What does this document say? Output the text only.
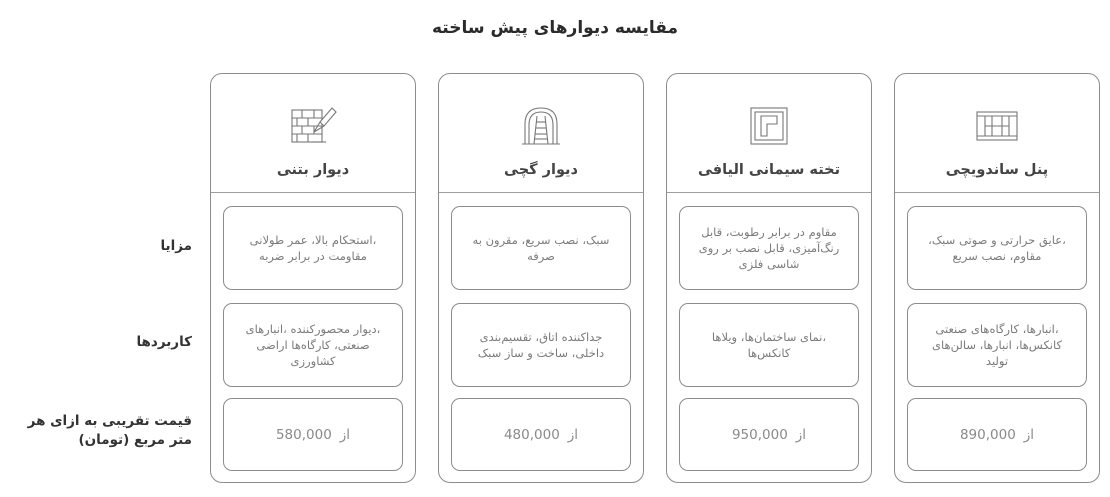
مقایسه دیوارهای پیش ساخته
مزایا
کاربردها
قیمت تقریبی به ازای هر
متر مربع (تومان)
دیوار بتنی
،استحکام بالا، عمر طولانی مقاومت در برابر ضربه
،دیوار محصورکننده ،انبارهای صنعتی، کارگاه‌ها اراضی کشاورزی
از
580,000
دیوار گچی
سبک، نصب سریع، مقرون به صرفه
جداکننده اتاق، تقسیم‌بندی داخلی، ساخت و ساز سبک
از
480,000
تخته سیمانی الیافی
مقاوم در برابر رطوبت، قابل رنگ‌آمیزی، قابل نصب بر روی شاسی فلزی
،نمای ساختمان‌ها، ویلاها کانکس‌ها
از
950,000
پنل ساندویچی
،عایق حرارتی و صوتی سبک، مقاوم، نصب سریع
،انبارها، کارگاه‌های صنعتی کانکس‌ها، انبارها، سالن‌های تولید
از
890,000
